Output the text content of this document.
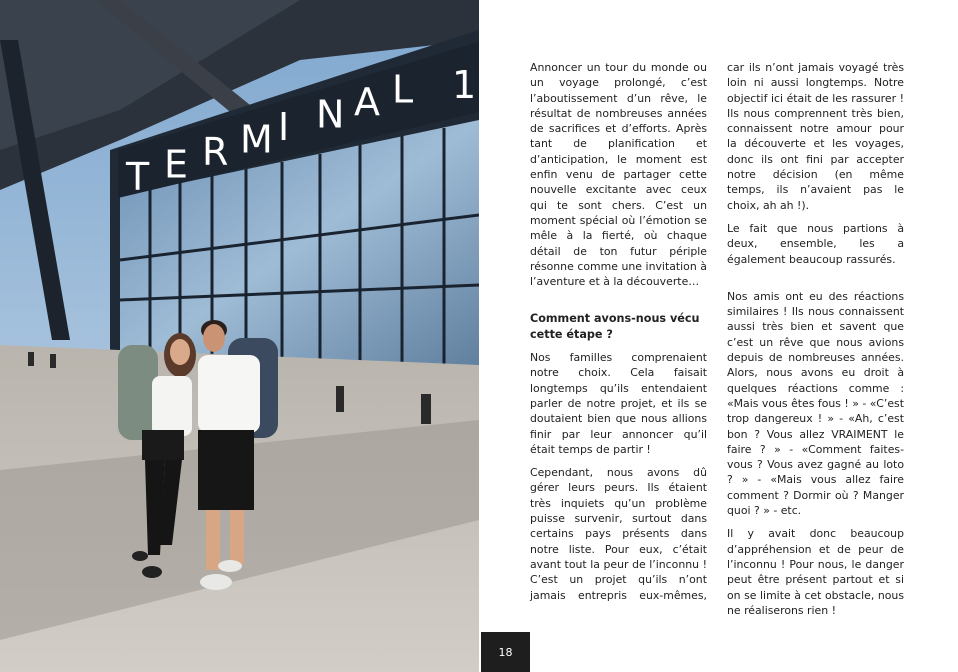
T E R M I N A L 1	Annoncer un tour du monde ou un voyage prolongé, c’est l’aboutissement d’un rêve, le résultat de nombreuses années de sacrifices et d’efforts. Après tant de planification et d’anticipation, le moment est enfin venu de partager cette nouvelle excitante avec ceux qui te sont chers. C’est un moment spécial où l’émotion se mêle à la fierté, où chaque détail de ton futur périple résonne comme une invitation à l’aventure et à la découverte…

Comment avons-nous vécu cette étape ?

Nos familles comprenaient notre choix. Cela faisait longtemps qu’ils entendaient parler de notre projet, et ils se doutaient bien que nous allions finir par leur annoncer qu’il était temps de partir !

Cependant, nous avons dû gérer leurs peurs. Ils étaient très inquiets qu’un problème puisse survenir, surtout dans certains pays présents dans notre liste. Pour eux, c’était avant tout la peur de l’inconnu ! C’est un projet qu’ils n’ont jamais entrepris eux-mêmes,

car ils n’ont jamais voyagé très loin ni aussi longtemps. Notre objectif ici était de les rassurer ! Ils nous comprennent très bien, connaissent notre amour pour la découverte et les voyages, donc ils ont fini par accepter notre décision (en même temps, ils n’avaient pas le choix, ah ah !).

Le fait que nous partions à deux, ensemble, les a également beaucoup rassurés.

Nos amis ont eu des réactions similaires ! Ils nous connaissent aussi très bien et savent que c’est un rêve que nous avions depuis de nombreuses années. Alors, nous avons eu droit à quelques réactions comme : «Mais vous êtes fous ! » - «C’est trop dangereux ! » - «Ah, c’est bon ? Vous allez VRAIMENT le faire ? » - «Comment faites-vous ? Vous avez gagné au loto ? » - «Mais vous allez faire comment ? Dormir où ? Manger quoi ? » - etc.

Il y avait donc beaucoup d’appréhension et de peur de l’inconnu ! Pour nous, le danger peut être présent partout et si on se limite à cet obstacle, nous ne réaliserons rien !

18
